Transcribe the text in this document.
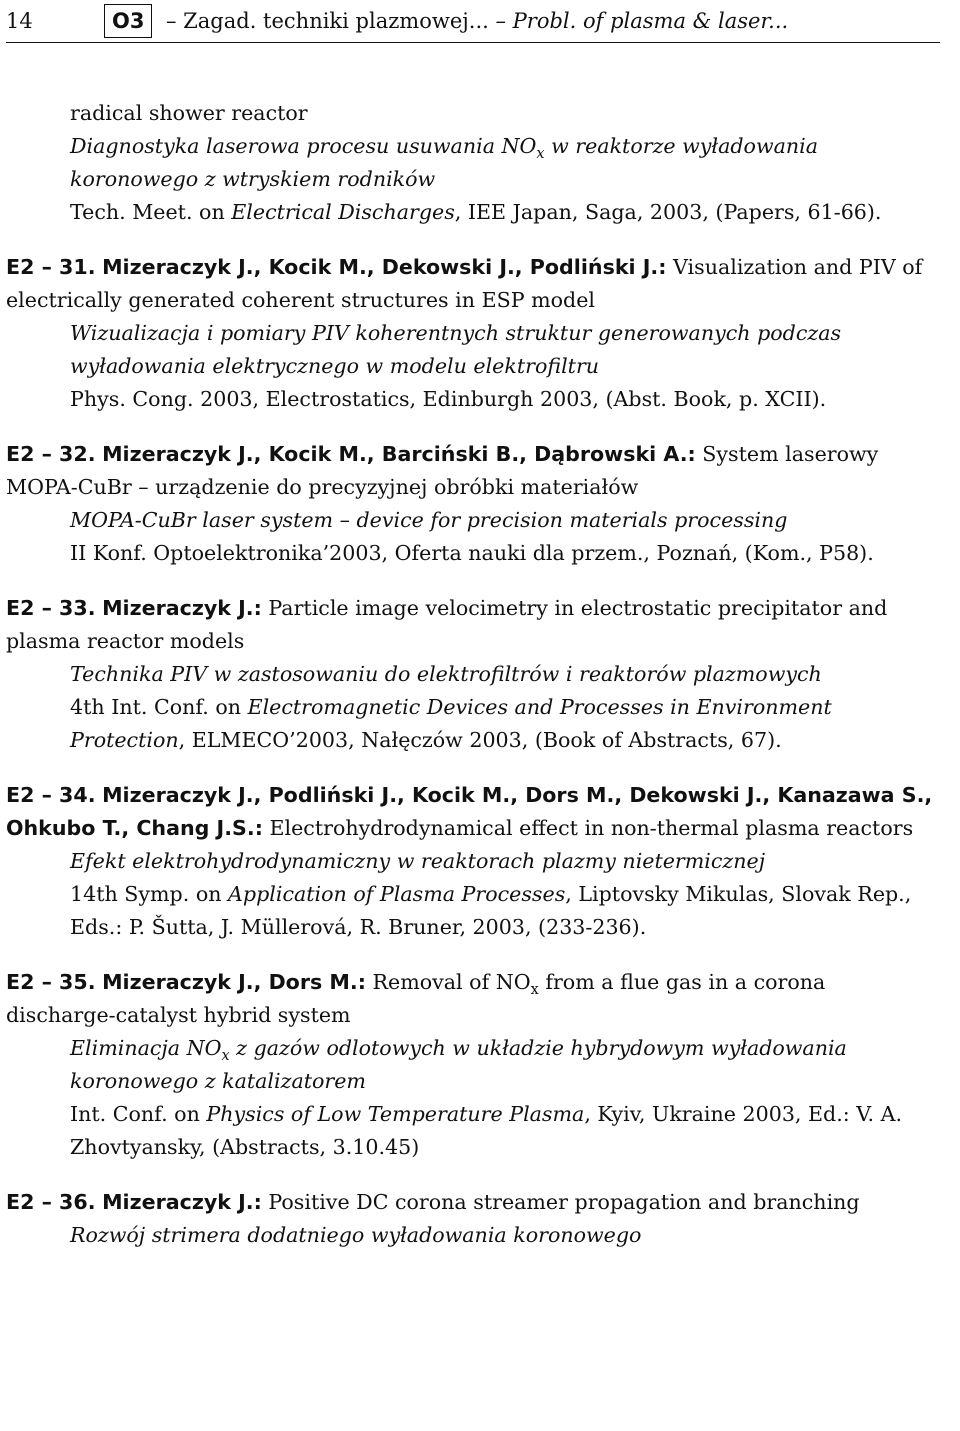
14	O3	– Zagad. techniki plazmowej... – Probl. of plasma & laser...

radical shower reactor

Diagnostyka laserowa procesu usuwania $NO_x$ w reaktorze wyładowania koronowego z wtryskiem rodników

Tech. Meet. on Electrical Discharges, IEE Japan, Saga, 2003, (Papers, 61-66).

E2 – 31. Mizeraczyk J., Kocik M., Dekowski J., Podliński J.: Visualization and PIV of electrically generated coherent structures in ESP model

Wizualizacja i pomiary PIV koherentnych struktur generowanych podczas wyładowania elektrycznego w modelu elektrofiltru

Phys. Cong. 2003, Electrostatics, Edinburgh 2003, (Abst. Book, p. XCII).

E2 – 32. Mizeraczyk J., Kocik M., Barciński B., Dąbrowski A.: System laserowy MOPA-CuBr – urządzenie do precyzyjnej obróbki materiałów

MOPA-CuBr laser system – device for precision materials processing

II Konf. Optoelektronika’2003, Oferta nauki dla przem., Poznań, (Kom., P58).

E2 – 33. Mizeraczyk J.: Particle image velocimetry in electrostatic precipitator and plasma reactor models

Technika PIV w zastosowaniu do elektrofiltrów i reaktorów plazmowych

4th Int. Conf. on Electromagnetic Devices and Processes in Environment Protection, ELMECO’2003, Nałęczów 2003, (Book of Abstracts, 67).

E2 – 34. Mizeraczyk J., Podliński J., Kocik M., Dors M., Dekowski J., Kanazawa S., Ohkubo T., Chang J.S.: Electrohydrodynamical effect in non-thermal plasma reactors

Efekt elektrohydrodynamiczny w reaktorach plazmy nietermicznej

14th Symp. on Application of Plasma Processes, Liptovsky Mikulas, Slovak Rep., Eds.: P. Šutta, J. Müllerová, R. Bruner, 2003, (233-236).

E2 – 35. Mizeraczyk J., Dors M.: Removal of $NO_x$ from a flue gas in a corona discharge-catalyst hybrid system

Eliminacja $NO_x$ z gazów odlotowych w układzie hybrydowym wyładowania koronowego z katalizatorem

Int. Conf. on Physics of Low Temperature Plasma, Kyiv, Ukraine 2003, Ed.: V. A. Zhovtyansky, (Abstracts, 3.10.45)

E2 – 36. Mizeraczyk J.: Positive DC corona streamer propagation and branching

Rozwój strimera dodatniego wyładowania koronowego
